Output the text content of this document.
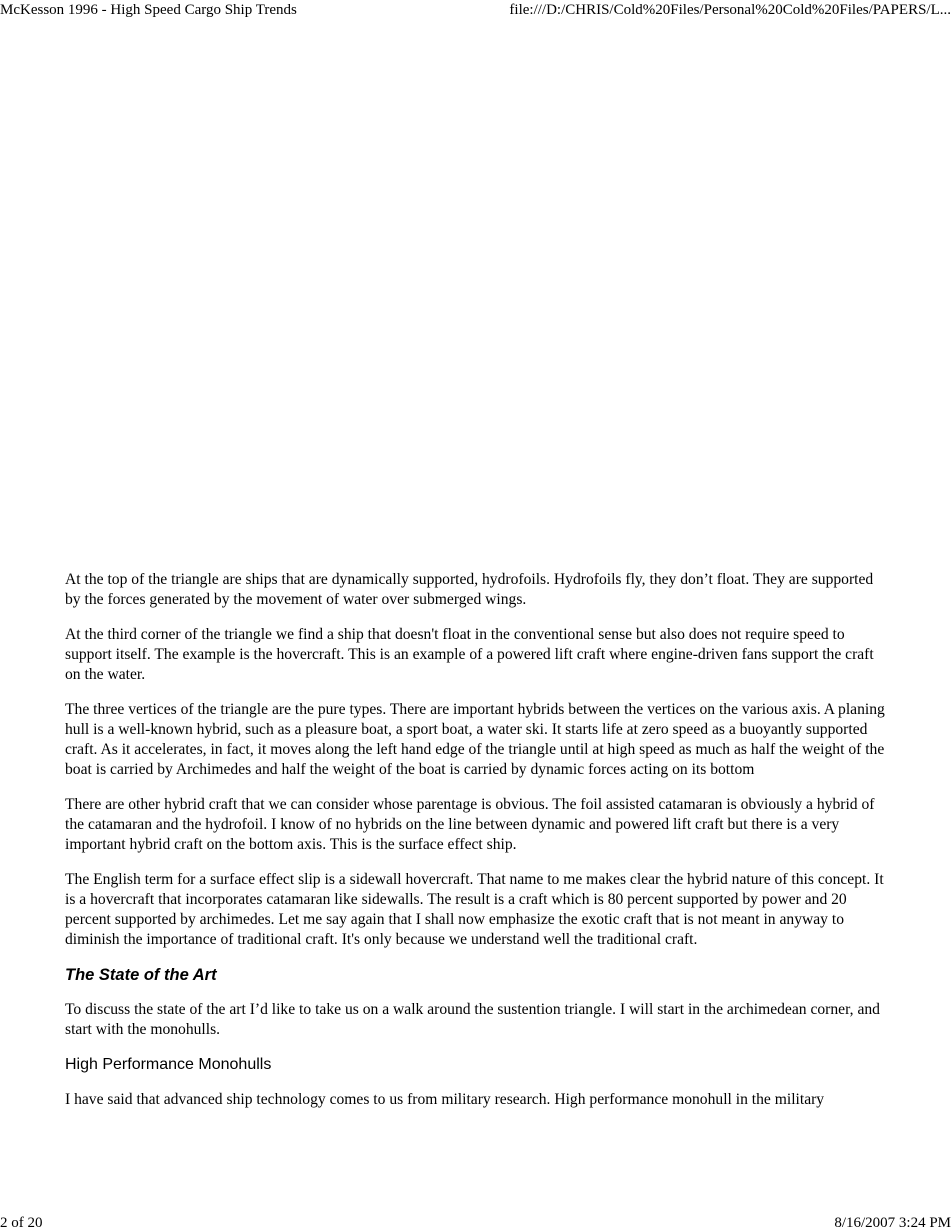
McKesson 1996 - High Speed Cargo Ship Trends	file:///D:/CHRIS/Cold%20Files/Personal%20Cold%20Files/PAPERS/L...

At the top of the triangle are ships that are dynamically supported, hydrofoils. Hydrofoils fly, they don’t float. They are supported by the forces generated by the movement of water over submerged wings.

At the third corner of the triangle we find a ship that doesn't float in the conventional sense but also does not require speed to support itself. The example is the hovercraft. This is an example of a powered lift craft where engine-driven fans support the craft on the water.

The three vertices of the triangle are the pure types. There are important hybrids between the vertices on the various axis. A planing hull is a well-known hybrid, such as a pleasure boat, a sport boat, a water ski. It starts life at zero speed as a buoyantly supported craft. As it accelerates, in fact, it moves along the left hand edge of the triangle until at high speed as much as half the weight of the boat is carried by Archimedes and half the weight of the boat is carried by dynamic forces acting on its bottom

There are other hybrid craft that we can consider whose parentage is obvious. The foil assisted catamaran is obviously a hybrid of the catamaran and the hydrofoil. I know of no hybrids on the line between dynamic and powered lift craft but there is a very important hybrid craft on the bottom axis. This is the surface effect ship.

The English term for a surface effect slip is a sidewall hovercraft. That name to me makes clear the hybrid nature of this concept. It is a hovercraft that incorporates catamaran like sidewalls. The result is a craft which is 80 percent supported by power and 20 percent supported by archimedes. Let me say again that I shall now emphasize the exotic craft that is not meant in anyway to diminish the importance of traditional craft. It's only because we understand well the traditional craft.

The State of the Art

To discuss the state of the art I’d like to take us on a walk around the sustention triangle. I will start in the archimedean corner, and start with the monohulls.

High Performance Monohulls

I have said that advanced ship technology comes to us from military research. High performance monohull in the military

2 of 20	8/16/2007 3:24 PM
